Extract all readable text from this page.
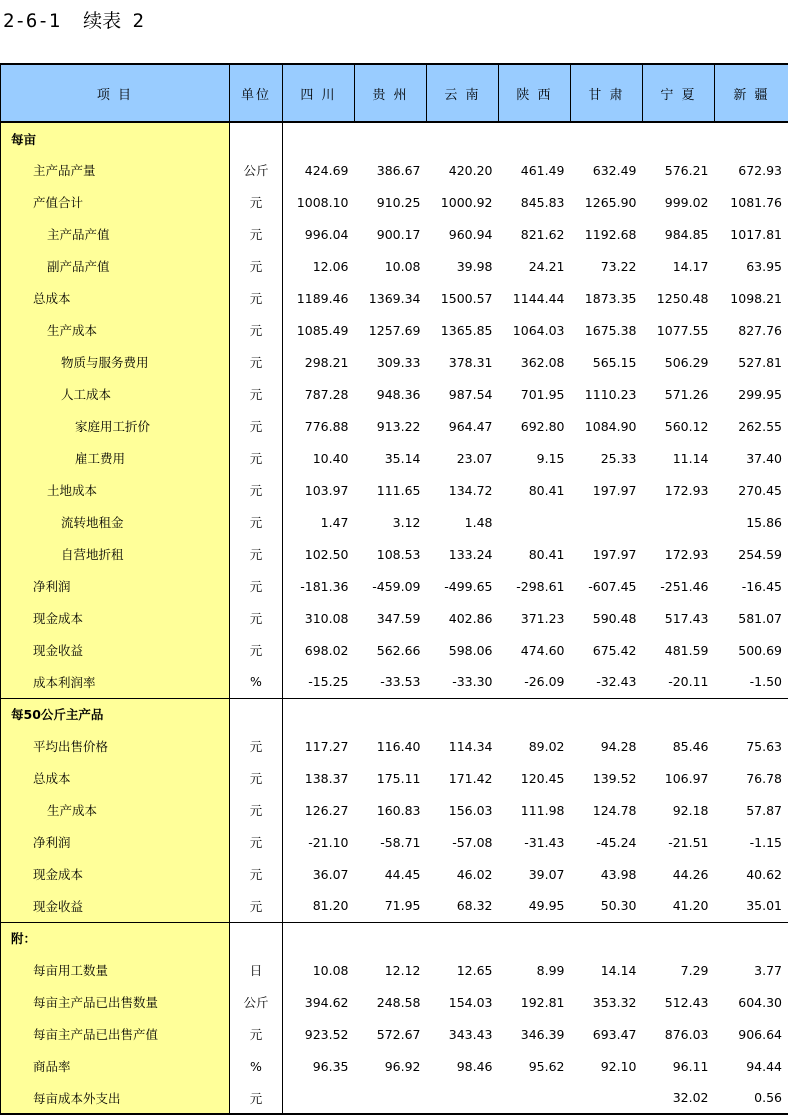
2-6-1  续表 2
项 目	单位	四 川	贵 州	云 南	陕 西	甘 肃	宁 夏	新 疆
每亩								
主产品产量	公斤	424.69	386.67	420.20	461.49	632.49	576.21	672.93
产值合计	元	1008.10	910.25	1000.92	845.83	1265.90	999.02	1081.76
主产品产值	元	996.04	900.17	960.94	821.62	1192.68	984.85	1017.81
副产品产值	元	12.06	10.08	39.98	24.21	73.22	14.17	63.95
总成本	元	1189.46	1369.34	1500.57	1144.44	1873.35	1250.48	1098.21
生产成本	元	1085.49	1257.69	1365.85	1064.03	1675.38	1077.55	827.76
物质与服务费用	元	298.21	309.33	378.31	362.08	565.15	506.29	527.81
人工成本	元	787.28	948.36	987.54	701.95	1110.23	571.26	299.95
家庭用工折价	元	776.88	913.22	964.47	692.80	1084.90	560.12	262.55
雇工费用	元	10.40	35.14	23.07	9.15	25.33	11.14	37.40
土地成本	元	103.97	111.65	134.72	80.41	197.97	172.93	270.45
流转地租金	元	1.47	3.12	1.48				15.86
自营地折租	元	102.50	108.53	133.24	80.41	197.97	172.93	254.59
净利润	元	-181.36	-459.09	-499.65	-298.61	-607.45	-251.46	-16.45
现金成本	元	310.08	347.59	402.86	371.23	590.48	517.43	581.07
现金收益	元	698.02	562.66	598.06	474.60	675.42	481.59	500.69
成本利润率	%	-15.25	-33.53	-33.30	-26.09	-32.43	-20.11	-1.50
每50公斤主产品								
平均出售价格	元	117.27	116.40	114.34	89.02	94.28	85.46	75.63
总成本	元	138.37	175.11	171.42	120.45	139.52	106.97	76.78
生产成本	元	126.27	160.83	156.03	111.98	124.78	92.18	57.87
净利润	元	-21.10	-58.71	-57.08	-31.43	-45.24	-21.51	-1.15
现金成本	元	36.07	44.45	46.02	39.07	43.98	44.26	40.62
现金收益	元	81.20	71.95	68.32	49.95	50.30	41.20	35.01
附：								
每亩用工数量	日	10.08	12.12	12.65	8.99	14.14	7.29	3.77
每亩主产品已出售数量	公斤	394.62	248.58	154.03	192.81	353.32	512.43	604.30
每亩主产品已出售产值	元	923.52	572.67	343.43	346.39	693.47	876.03	906.64
商品率	%	96.35	96.92	98.46	95.62	92.10	96.11	94.44
每亩成本外支出	元						32.02	0.56
